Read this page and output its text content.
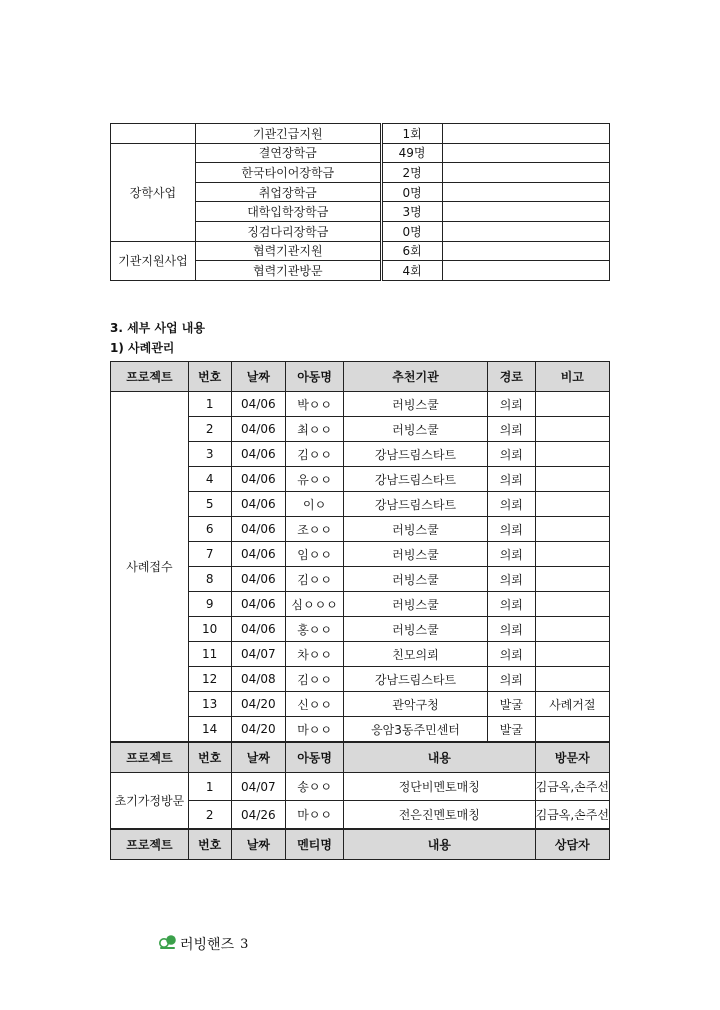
	기관긴급지원	1회	
장학사업	결연장학금	49명	
	한국타이어장학금	2명	
	취업장학금	0명	
	대학입학장학금	3명	
	징검다리장학금	0명	
기관지원사업	협력기관지원	6회	
	협력기관방문	4회	
3. 세부 사업 내용
1) 사례관리
프로젝트	번호	날짜	아동명	추천기관	경로	비고
사례접수	1	04/06	박ㅇㅇ	러빙스쿨	의뢰	
	2	04/06	최ㅇㅇ	러빙스쿨	의뢰	
	3	04/06	김ㅇㅇ	강남드림스타트	의뢰	
	4	04/06	유ㅇㅇ	강남드림스타트	의뢰	
	5	04/06	이ㅇ	강남드림스타트	의뢰	
	6	04/06	조ㅇㅇ	러빙스쿨	의뢰	
	7	04/06	임ㅇㅇ	러빙스쿨	의뢰	
	8	04/06	김ㅇㅇ	러빙스쿨	의뢰	
	9	04/06	심ㅇㅇㅇ	러빙스쿨	의뢰	
	10	04/06	홍ㅇㅇ	러빙스쿨	의뢰	
	11	04/07	차ㅇㅇ	친모의뢰	의뢰	
	12	04/08	김ㅇㅇ	강남드림스타트	의뢰	
	13	04/20	신ㅇㅇ	관악구청	발굴	사례거절
	14	04/20	마ㅇㅇ	응암3동주민센터	발굴	
프로젝트	번호	날짜	아동명	내용		방문자
초기가정방문	1	04/07	송ㅇㅇ	정단비멘토매칭		김금옥,손주선
	2	04/26	마ㅇㅇ	전은진멘토매칭		김금옥,손주선
프로젝트	번호	날짜	멘티명	내용		상담자
러빙핸즈 3
